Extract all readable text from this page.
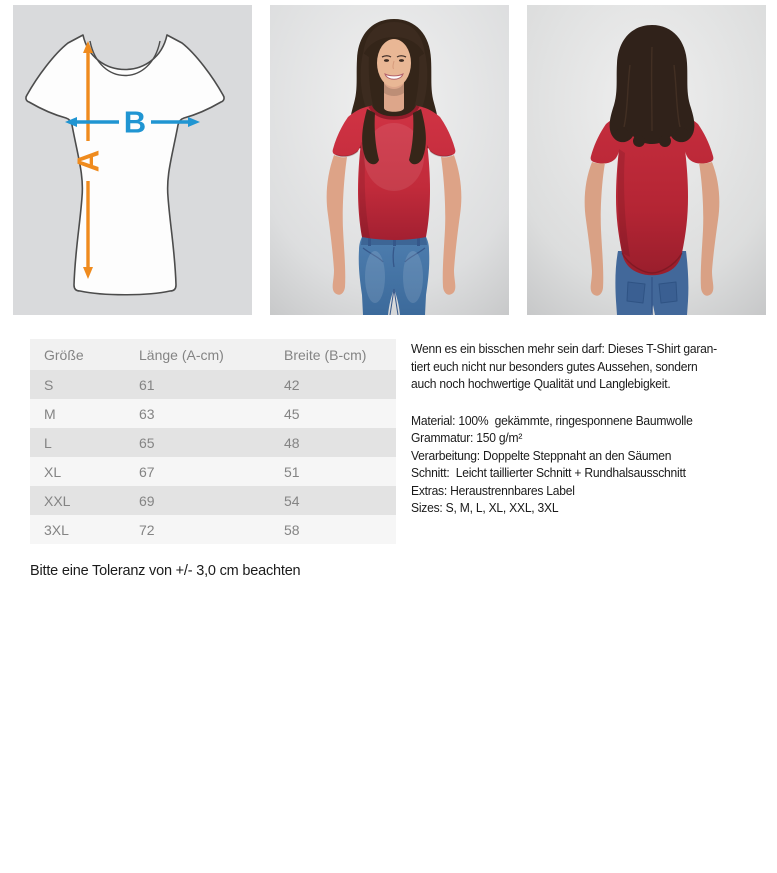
A
B
Größe	Länge (A-cm)	Breite (B-cm)
S	61	42
M	63	45
L	65	48
XL	67	51
XXL	69	54
3XL	72	58

Bitte eine Toleranz von +/- 3,0 cm beachten

Wenn es ein bisschen mehr sein darf: Dieses T-Shirt garan-
tiert euch nicht nur besonders gutes Aussehen, sondern
auch noch hochwertige Qualität und Langlebigkeit.
Material: 100%  gekämmte, ringesponnene Baumwolle
Grammatur: 150 g/m²
Verarbeitung: Doppelte Steppnaht an den Säumen
Schnitt:  Leicht taillierter Schnitt + Rundhalsausschnitt
Extras: Heraustrennbares Label
Sizes: S, M, L, XL, XXL, 3XL
